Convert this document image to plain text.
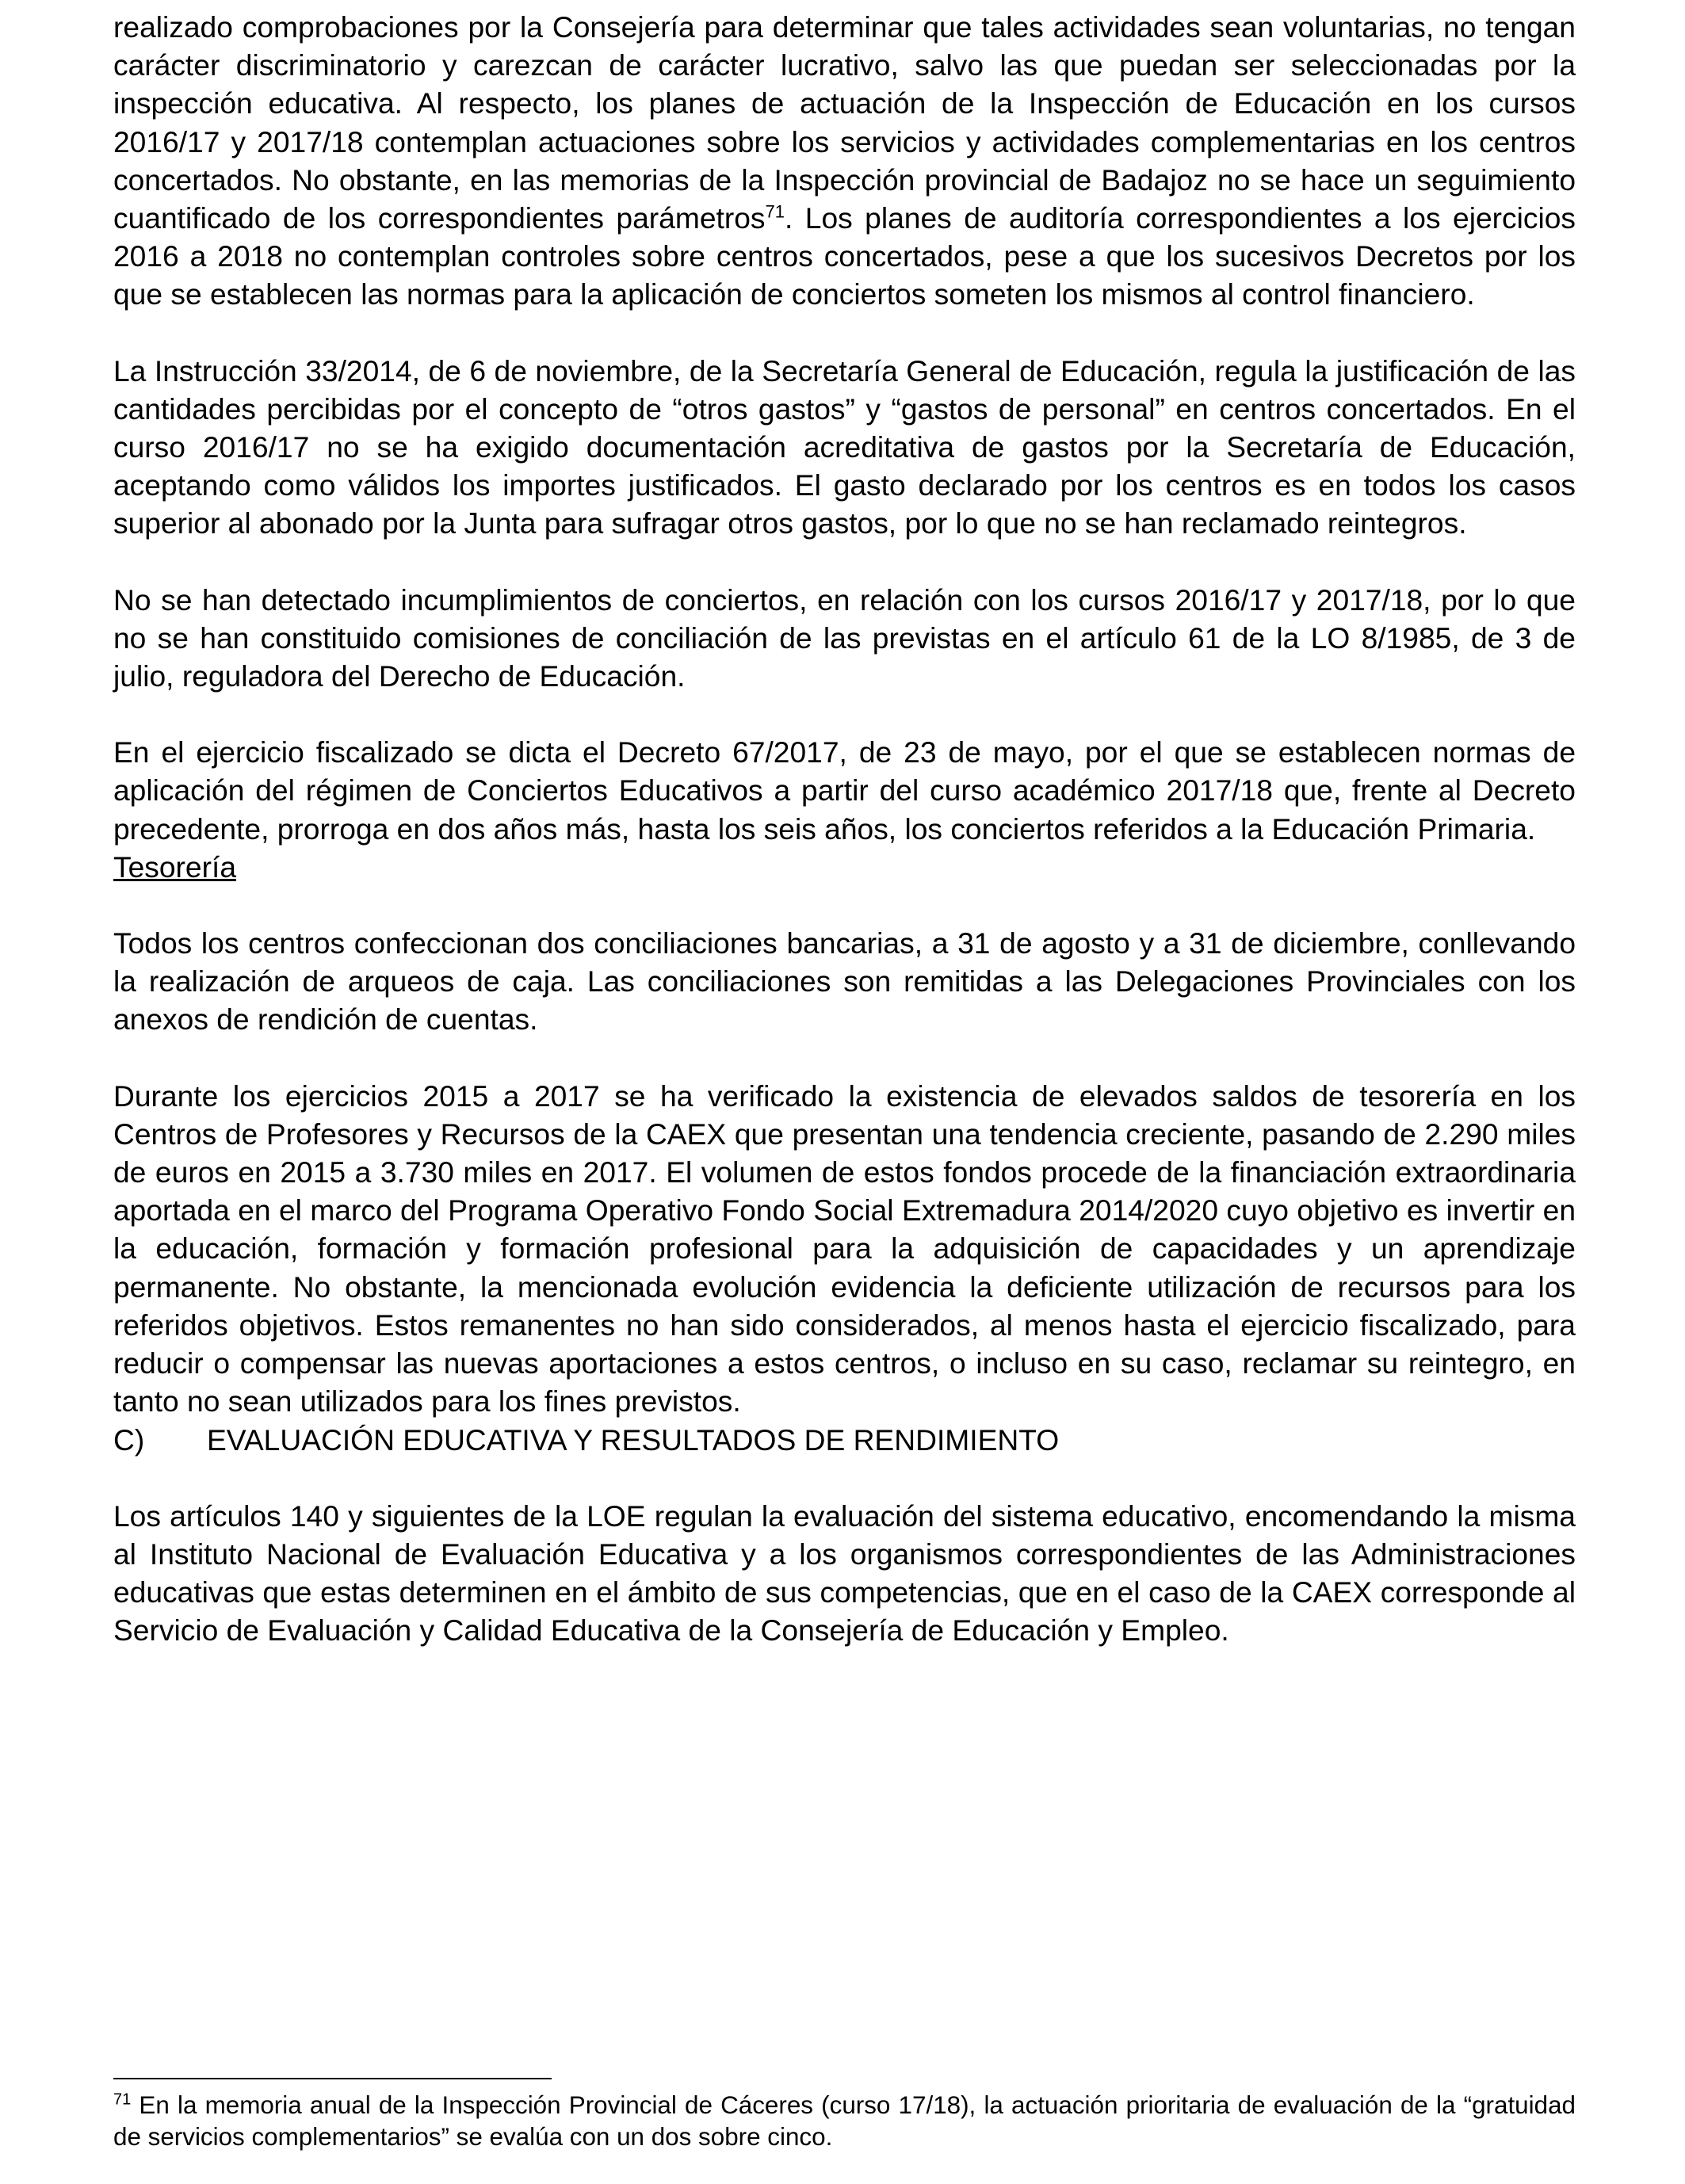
realizado comprobaciones por la Consejería para determinar que tales actividades sean voluntarias, no tengan carácter discriminatorio y carezcan de carácter lucrativo, salvo las que puedan ser seleccionadas por la inspección educativa. Al respecto, los planes de actuación de la Inspección de Educación en los cursos 2016/17 y 2017/18 contemplan actuaciones sobre los servicios y actividades complementarias en los centros concertados. No obstante, en las memorias de la Inspección provincial de Badajoz no se hace un seguimiento cuantificado de los correspondientes parámetros$^{71}$. Los planes de auditoría correspondientes a los ejercicios 2016 a 2018 no contemplan controles sobre centros concertados, pese a que los sucesivos Decretos por los que se establecen las normas para la aplicación de conciertos someten los mismos al control financiero.

La Instrucción 33/2014, de 6 de noviembre, de la Secretaría General de Educación, regula la justificación de las cantidades percibidas por el concepto de “otros gastos” y “gastos de personal” en centros concertados. En el curso 2016/17 no se ha exigido documentación acreditativa de gastos por la Secretaría de Educación, aceptando como válidos los importes justificados. El gasto declarado por los centros es en todos los casos superior al abonado por la Junta para sufragar otros gastos, por lo que no se han reclamado reintegros.

No se han detectado incumplimientos de conciertos, en relación con los cursos 2016/17 y 2017/18, por lo que no se han constituido comisiones de conciliación de las previstas en el artículo 61 de la LO 8/1985, de 3 de julio, reguladora del Derecho de Educación.

En el ejercicio fiscalizado se dicta el Decreto 67/2017, de 23 de mayo, por el que se establecen normas de aplicación del régimen de Conciertos Educativos a partir del curso académico 2017/18 que, frente al Decreto precedente, prorroga en dos años más, hasta los seis años, los conciertos referidos a la Educación Primaria.

Tesorería

Todos los centros confeccionan dos conciliaciones bancarias, a 31 de agosto y a 31 de diciembre, conllevando la realización de arqueos de caja. Las conciliaciones son remitidas a las Delegaciones Provinciales con los anexos de rendición de cuentas.

Durante los ejercicios 2015 a 2017 se ha verificado la existencia de elevados saldos de tesorería en los Centros de Profesores y Recursos de la CAEX que presentan una tendencia creciente, pasando de 2.290 miles de euros en 2015 a 3.730 miles en 2017. El volumen de estos fondos procede de la financiación extraordinaria aportada en el marco del Programa Operativo Fondo Social Extremadura 2014/2020 cuyo objetivo es invertir en la educación, formación y formación profesional para la adquisición de capacidades y un aprendizaje permanente. No obstante, la mencionada evolución evidencia la deficiente utilización de recursos para los referidos objetivos. Estos remanentes no han sido considerados, al menos hasta el ejercicio fiscalizado, para reducir o compensar las nuevas aportaciones a estos centros, o incluso en su caso, reclamar su reintegro, en tanto no sean utilizados para los fines previstos.

C)	EVALUACIÓN EDUCATIVA Y RESULTADOS DE RENDIMIENTO

Los artículos 140 y siguientes de la LOE regulan la evaluación del sistema educativo, encomendando la misma al Instituto Nacional de Evaluación Educativa y a los organismos correspondientes de las Administraciones educativas que estas determinen en el ámbito de sus competencias, que en el caso de la CAEX corresponde al Servicio de Evaluación y Calidad Educativa de la Consejería de Educación y Empleo.

$^{71}$ En la memoria anual de la Inspección Provincial de Cáceres (curso 17/18), la actuación prioritaria de evaluación de la “gratuidad de servicios complementarios” se evalúa con un dos sobre cinco.
